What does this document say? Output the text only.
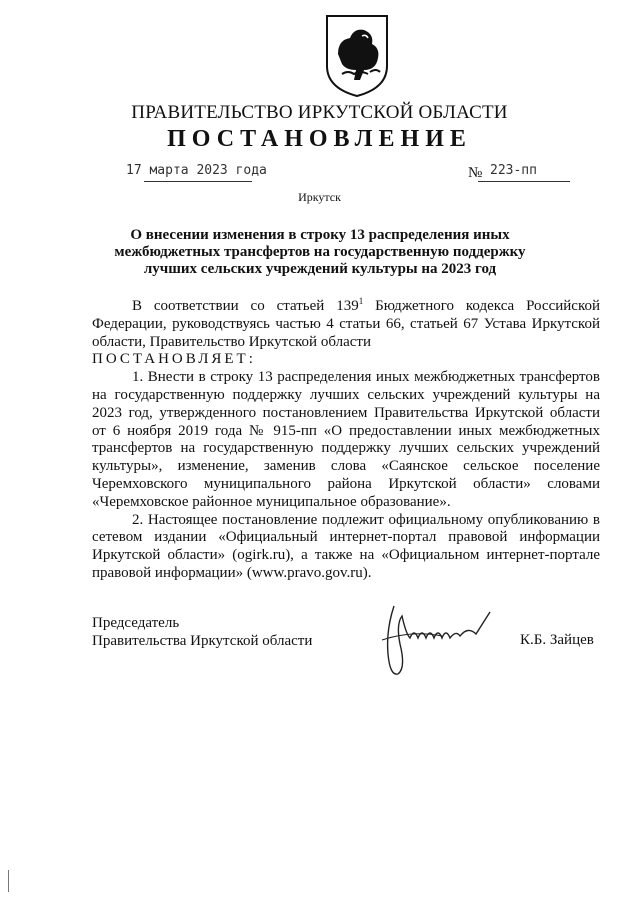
ПРАВИТЕЛЬСТВО ИРКУТСКОЙ ОБЛАСТИ
ПОСТАНОВЛЕНИЕ
17 марта 2023 года	№ 223-пп
Иркутск
О внесении изменения в строку 13 распределения иных межбюджетных трансфертов на государственную поддержку лучших сельских учреждений культуры на 2023 год

В соответствии со статьей $139^1$ Бюджетного кодекса Российской Федерации, руководствуясь частью 4 статьи 66, статьей 67 Устава Иркутской области, Правительство Иркутской области

ПОСТАНОВЛЯЕТ:

1. Внести в строку 13 распределения иных межбюджетных трансфертов на государственную поддержку лучших сельских учреждений культуры на 2023 год, утвержденного постановлением Правительства Иркутской области от 6 ноября 2019 года № 915-пп «О предоставлении иных межбюджетных трансфертов на государственную поддержку лучших сельских учреждений культуры», изменение, заменив слова «Саянское сельское поселение Черемховского муниципального района Иркутской области» словами «Черемховское районное муниципальное образование».

2. Настоящее постановление подлежит официальному опубликованию в сетевом издании «Официальный интернет-портал правовой информации Иркутской области» (ogirk.ru), а также на «Официальном интернет-портале правовой информации» (www.pravo.gov.ru).

Председатель
Правительства Иркутской области	К.Б. Зайцев
